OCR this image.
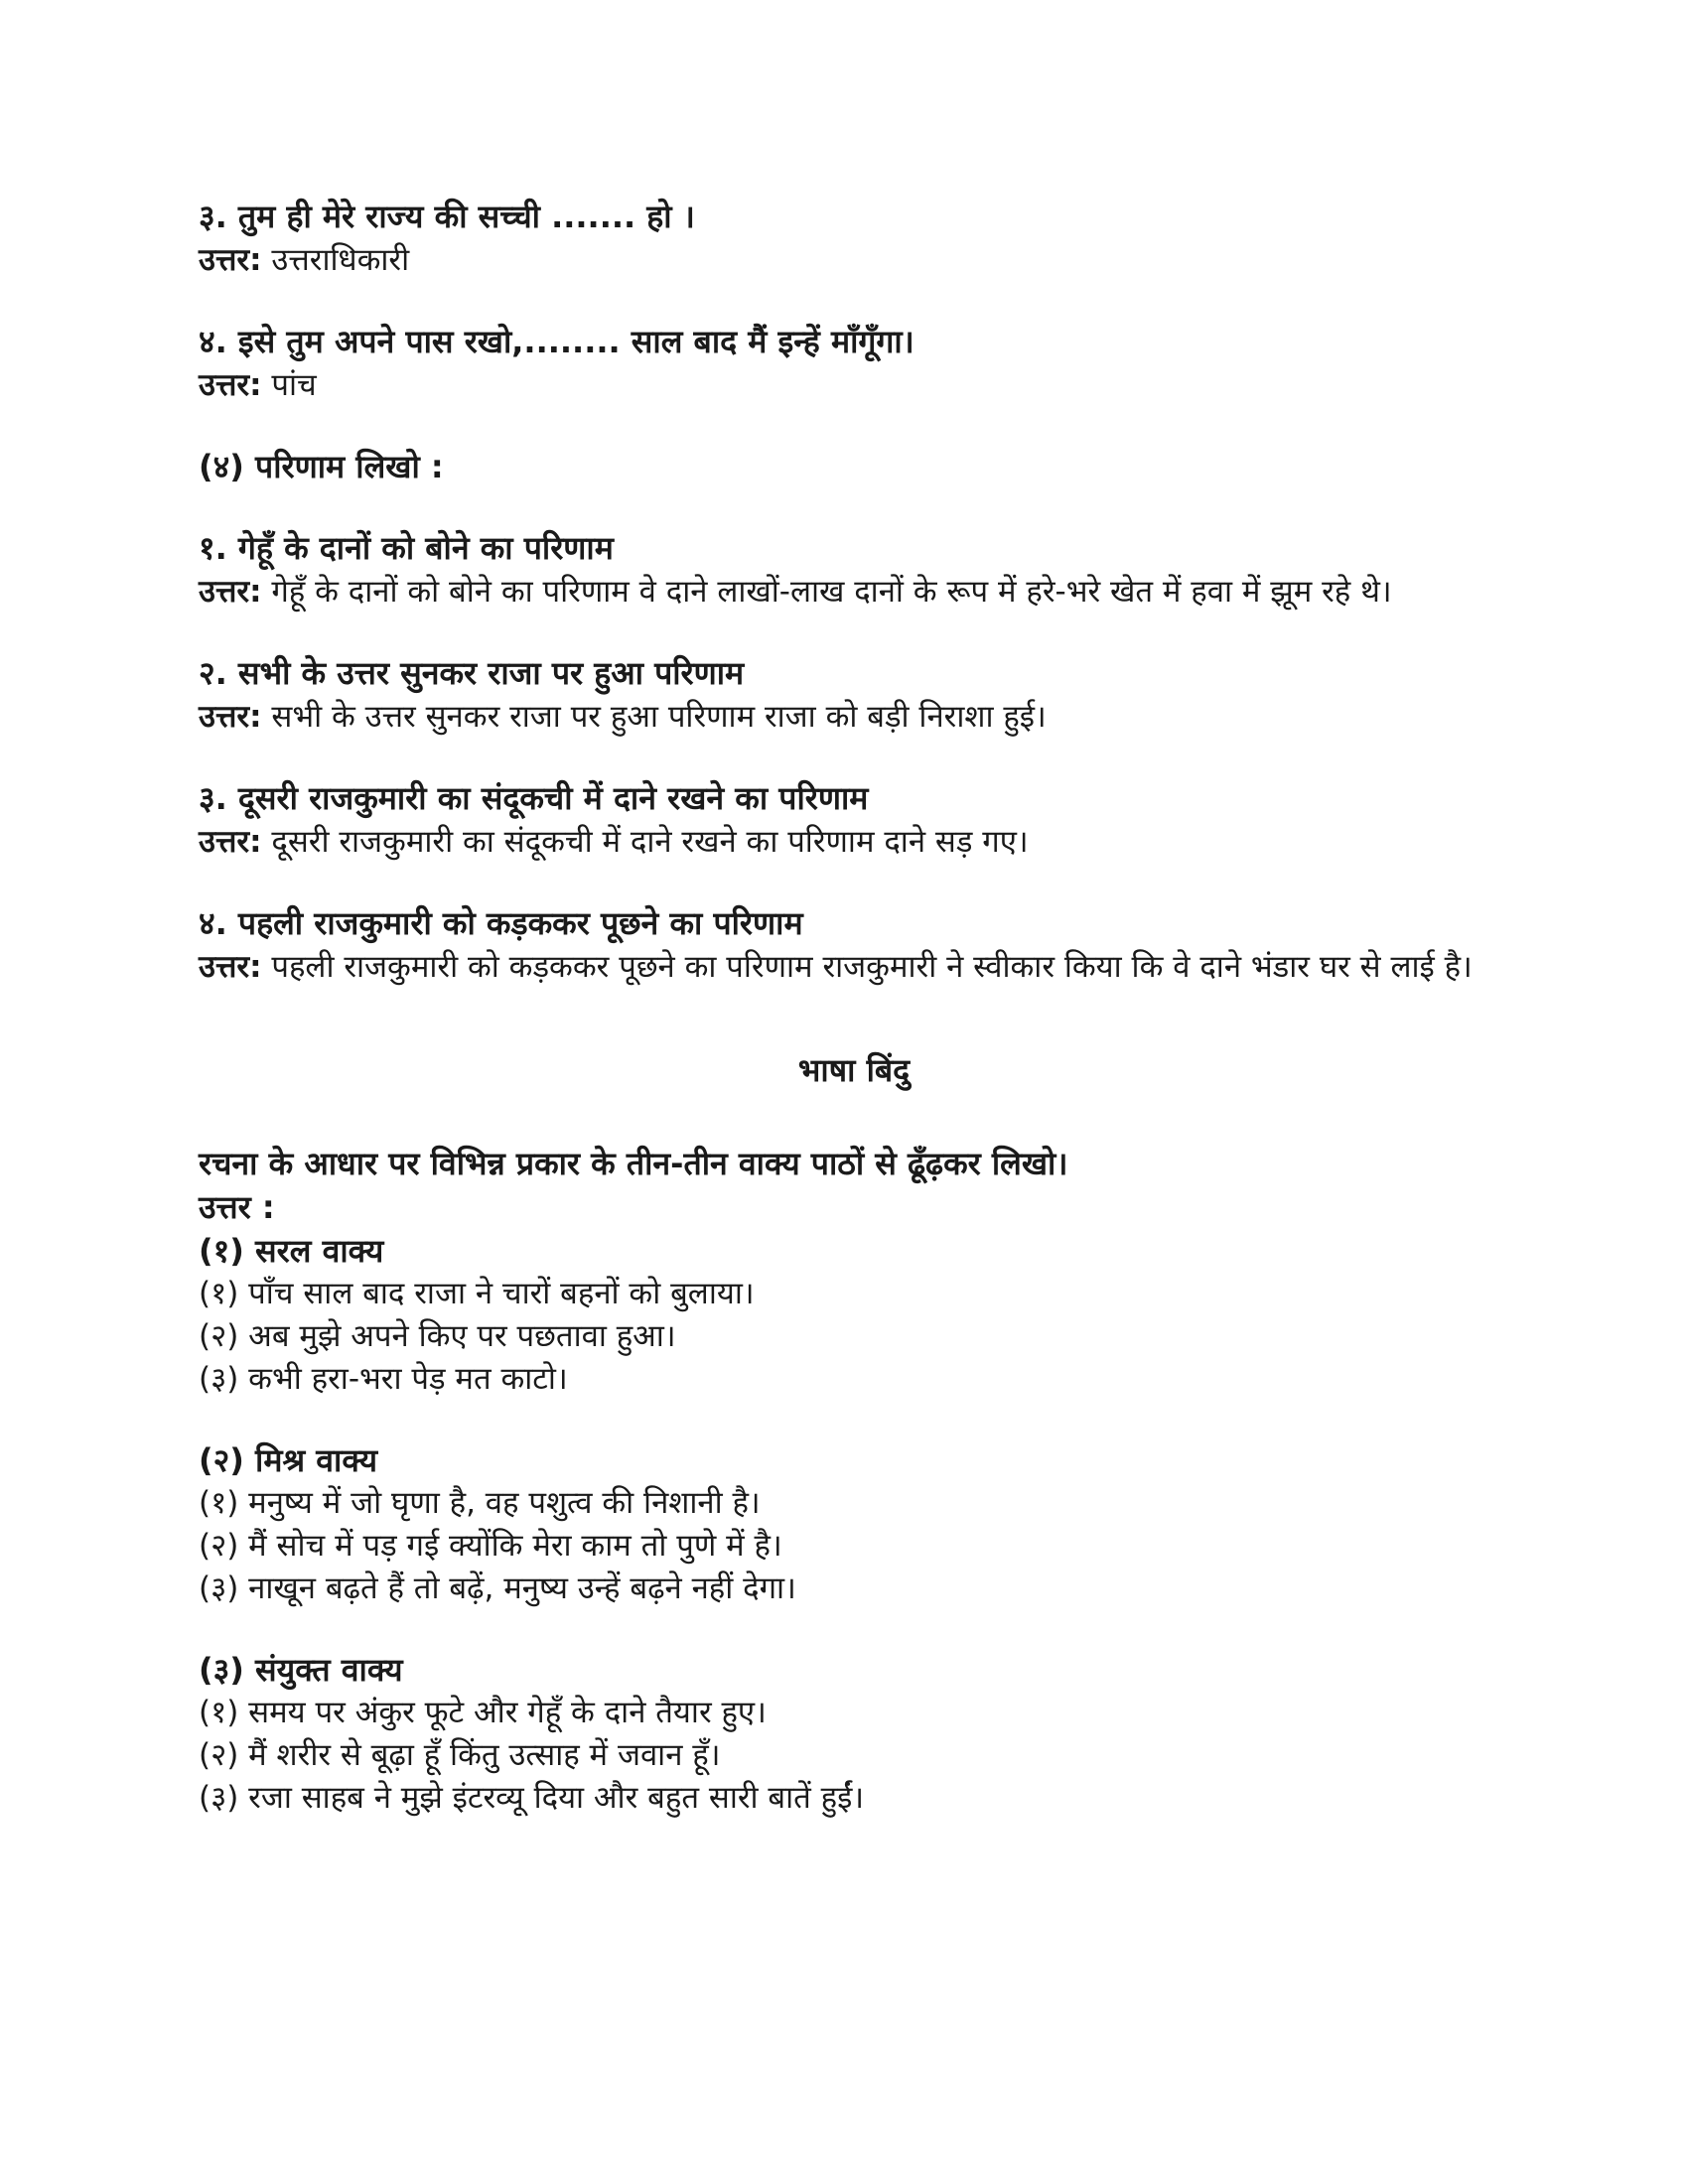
३. तुम ही मेरे राज्य की सच्ची ....... हो ।

उत्तर: उत्तराधिकारी

४. इसे तुम अपने पास रखो,........ साल बाद मैं इन्हें माँगूँगा।

उत्तर: पांच

(४) परिणाम लिखो :

१. गेहूँ के दानों को बोने का परिणाम

उत्तर: गेहूँ के दानों को बोने का परिणाम वे दाने लाखों-लाख दानों के रूप में हरे-भरे खेत में हवा में झूम रहे थे।

२. सभी के उत्तर सुनकर राजा पर हुआ परिणाम

उत्तर: सभी के उत्तर सुनकर राजा पर हुआ परिणाम राजा को बड़ी निराशा हुई।

३. दूसरी राजकुमारी का संदूकची में दाने रखने का परिणाम

उत्तर: दूसरी राजकुमारी का संदूकची में दाने रखने का परिणाम दाने सड़ गए।

४. पहली राजकुमारी को कड़ककर पूछने का परिणाम

उत्तर: पहली राजकुमारी को कड़ककर पूछने का परिणाम राजकुमारी ने स्वीकार किया कि वे दाने भंडार घर से लाई है।

भाषा बिंदु

रचना के आधार पर विभिन्न प्रकार के तीन-तीन वाक्य पाठों से ढूँढ़कर लिखो।

उत्तर :

(१) सरल वाक्य

(१) पाँच साल बाद राजा ने चारों बहनों को बुलाया।

(२) अब मुझे अपने किए पर पछतावा हुआ।

(३) कभी हरा-भरा पेड़ मत काटो।

(२) मिश्र वाक्य

(१) मनुष्य में जो घृणा है, वह पशुत्व की निशानी है।

(२) मैं सोच में पड़ गई क्योंकि मेरा काम तो पुणे में है।

(३) नाखून बढ़ते हैं तो बढ़ें, मनुष्य उन्हें बढ़ने नहीं देगा।

(३) संयुक्त वाक्य

(१) समय पर अंकुर फूटे और गेहूँ के दाने तैयार हुए।

(२) मैं शरीर से बूढ़ा हूँ किंतु उत्साह में जवान हूँ।

(३) रजा साहब ने मुझे इंटरव्यू दिया और बहुत सारी बातें हुईं।
